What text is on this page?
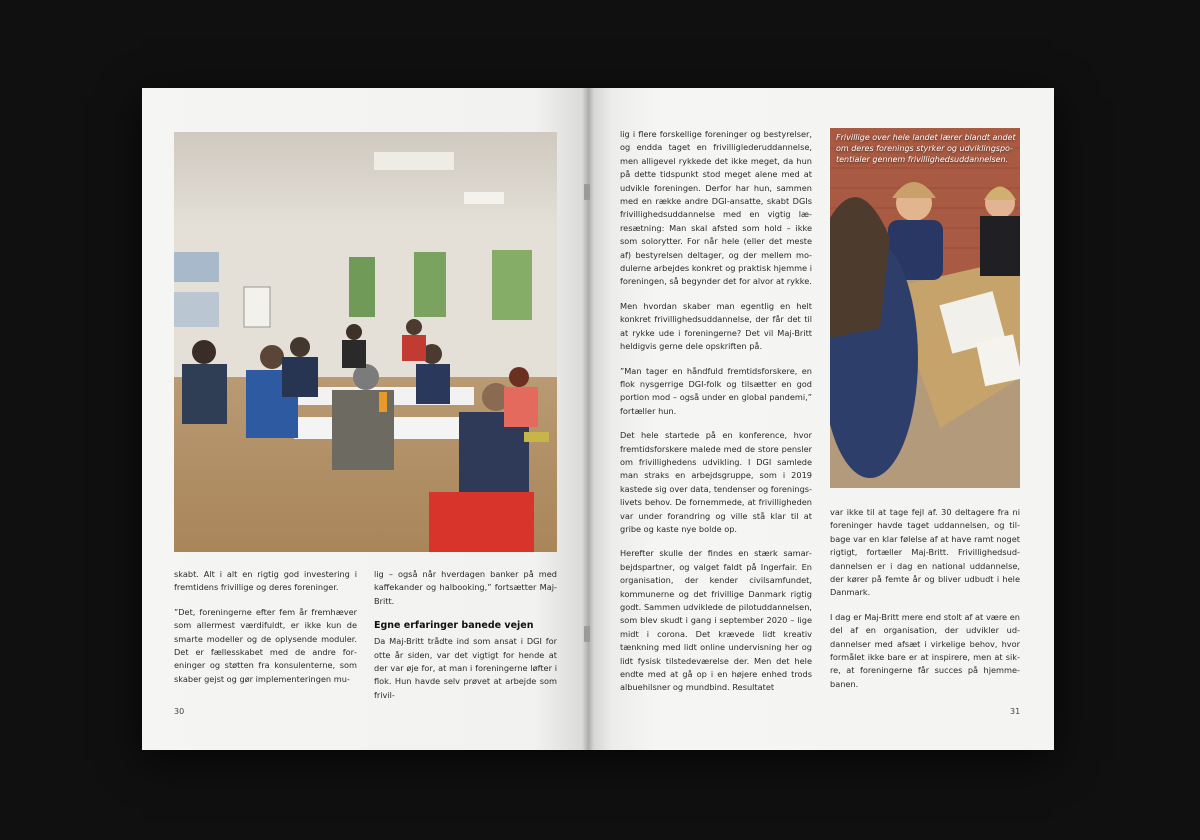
Frivillige over hele landet lærer blandt andet om deres forenings styrker og udviklingspotentialer gennem frivillighedsuddannelsen.

skabt. Alt i alt en rigtig god investering i fremtidens frivillige og deres foreninger.

”Det, foreningerne efter fem år fremhæver som allermest værdifuldt, er ikke kun de smarte modeller og de oplysende moduler. Det er fællesskabet med de andre foreninger og støtten fra konsulenterne, som skaber gejst og gør implementeringen mu-

lig – også når hverdagen banker på med kaffekander og halbooking,” fortsætter Maj-Britt.

Egne erfaringer banede vejen

Da Maj-Britt trådte ind som ansat i DGI for otte år siden, var det vigtigt for hende at der var øje for, at man i foreningerne løfter i flok. Hun havde selv prøvet at arbejde som frivil-

30

lig i flere forskellige foreninger og bestyrelser, og endda taget en frivilliglederuddannelse, men alligevel rykkede det ikke meget, da hun på dette tidspunkt stod meget alene med at udvikle foreningen. Derfor har hun, sammen med en række andre DGI-ansatte, skabt DGIs frivillighedsuddannelse med en vigtig læresætning: Man skal afsted som hold – ikke som solorytter. For når hele (eller det meste af) bestyrelsen deltager, og der mellem modulerne arbejdes konkret og praktisk hjemme i foreningen, så begynder det for alvor at rykke.

Men hvordan skaber man egentlig en helt konkret frivillighedsuddannelse, der får det til at rykke ude i foreningerne? Det vil Maj-Britt heldigvis gerne dele opskriften på.

”Man tager en håndfuld fremtidsforskere, en flok nysgerrige DGI-folk og tilsætter en god portion mod – også under en global pandemi,” fortæller hun.

Det hele startede på en konference, hvor fremtidsforskere malede med de store pensler om frivillighedens udvikling. I DGI samlede man straks en arbejdsgruppe, som i 2019 kastede sig over data, tendenser og foreningslivets behov. De fornemmede, at frivilligheden var under forandring og ville stå klar til at gribe og kaste nye bolde op.

Herefter skulle der findes en stærk samarbejdspartner, og valget faldt på Ingerfair. En organisation, der kender civilsamfundet, kommunerne og det frivillige Danmark rigtig godt. Sammen udviklede de pilotuddannelsen, som blev skudt i gang i september 2020 – lige midt i corona. Det krævede lidt kreativ tænkning med lidt online undervisning her og lidt fysisk tilstedeværelse der. Men det hele endte med at gå op i en højere enhed trods albuehilsner og mundbind. Resultatet

var ikke til at tage fejl af. 30 deltagere fra ni foreninger havde taget uddannelsen, og tilbage var en klar følelse af at have ramt noget rigtigt, fortæller Maj-Britt. Frivillighedsuddannelsen er i dag en national uddannelse, der kører på femte år og bliver udbudt i hele Danmark.

I dag er Maj-Britt mere end stolt af at være en del af en organisation, der udvikler uddannelser med afsæt i virkelige behov, hvor formålet ikke bare er at inspirere, men at sikre, at foreningerne får succes på hjemmebanen.

31
